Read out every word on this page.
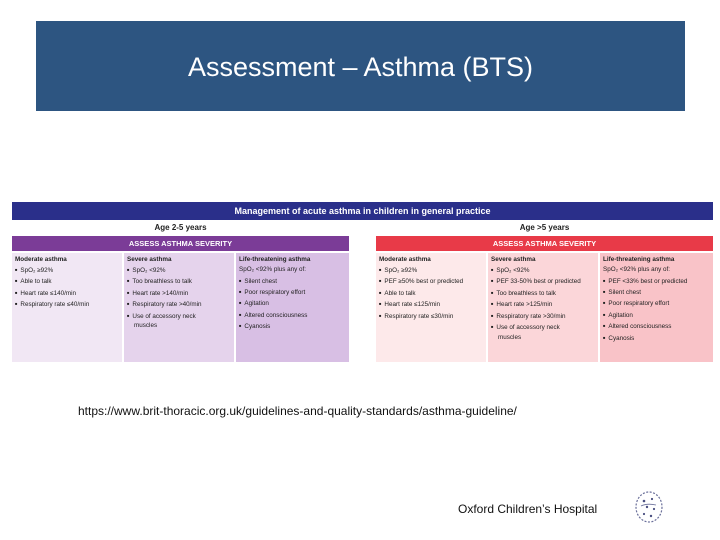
Assessment – Asthma (BTS)
Management of acute asthma in children in general practice
Age 2-5 years	Age >5 years
ASSESS ASTHMA SEVERITY	ASSESS ASTHMA SEVERITY
Moderate asthma
■ SpO₂ ≥92%
■ Able to talk
■ Heart rate ≤140/min
■ Respiratory rate ≤40/min
Severe asthma
■ SpO₂ <92%
■ Too breathless to talk
■ Heart rate >140/min
■ Respiratory rate >40/min
■ Use of accessory neck
muscles
Life-threatening asthma
SpO₂ <92% plus any of:
■ Silent chest
■ Poor respiratory effort
■ Agitation
■ Altered consciousness
■ Cyanosis
Moderate asthma
■ SpO₂ ≥92%
■ PEF ≥50% best or predicted
■ Able to talk
■ Heart rate ≤125/min
■ Respiratory rate ≤30/min
Severe asthma
■ SpO₂ <92%
■ PEF 33-50% best or predicted
■ Too breathless to talk
■ Heart rate >125/min
■ Respiratory rate >30/min
■ Use of accessory neck
muscles
Life-threatening asthma
SpO₂ <92% plus any of:
■ PEF <33% best or predicted
■ Silent chest
■ Poor respiratory effort
■ Agitation
■ Altered consciousness
■ Cyanosis
https://www.brit-thoracic.org.uk/guidelines-and-quality-standards/asthma-guideline/
Oxford Children’s Hospital
